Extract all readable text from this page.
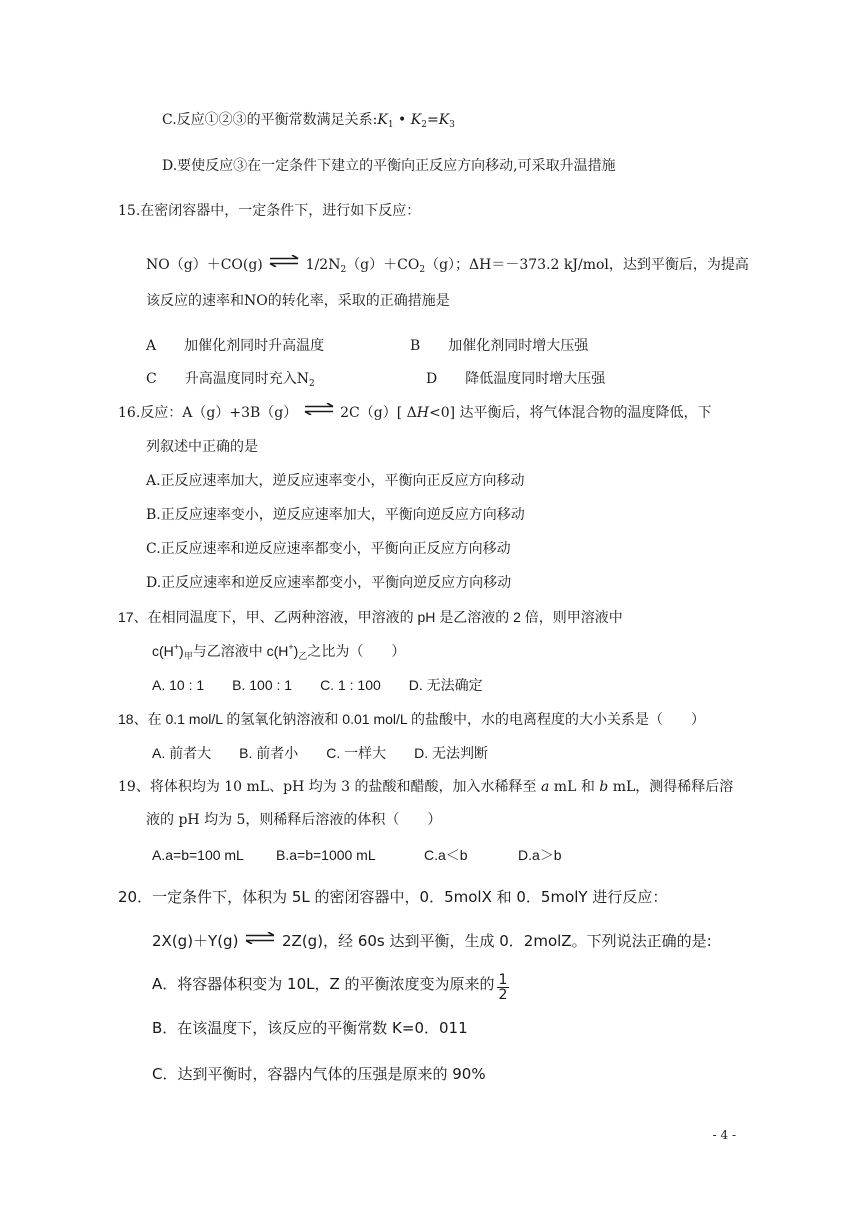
C.反应①②③的平衡常数满足关系$:K_1$ • $K_2=K_3$
D.要使反应③在一定条件下建立的平衡向正反应方向移动,可采取升温措施
15.在密闭容器中，一定条件下，进行如下反应：
NO（g）＋CO(g) ⇌ $1/2N_2(g)+CO_2(g)$；ΔH＝－373.2 kJ/mol，达到平衡后，为提高
该反应的速率和NO的转化率，采取的正确措施是
A　　加催化剂同时升高温度	B　　加催化剂同时增大压强
C　　升高温度同时充入$N_2$	D　　降低温度同时增大压强
16.反应：A（g）+3B（g） ⇌ 2C（g）[ ΔH<0] 达平衡后，将气体混合物的温度降低，下
列叙述中正确的是
A.正反应速率加大，逆反应速率变小，平衡向正反应方向移动
B.正反应速率变小，逆反应速率加大，平衡向逆反应方向移动
C.正反应速率和逆反应速率都变小，平衡向正反应方向移动
D.正反应速率和逆反应速率都变小，平衡向逆反应方向移动
17、在相同温度下，甲、乙两种溶液，甲溶液的 pH 是乙溶液的 2 倍，则甲溶液中
$c(H^+)_甲$与乙溶液中 $c(H^+)_乙$之比为（　　）
A. 10 : 1　　B. 100 : 1　　C. 1 : 100　　D. 无法确定
18、在 0.1 mol/L 的氢氧化钠溶液和 0.01 mol/L 的盐酸中，水的电离程度的大小关系是（　　）
A. 前者大　　B. 前者小　　C. 一样大　　D. 无法判断
19、将体积均为 10 mL、pH 均为 3 的盐酸和醋酸，加入水稀释至 a mL 和 b mL，测得稀释后溶
液的 pH 均为 5，则稀释后溶液的体积（　　）
A.a=b=100 mL B.a=b=1000 mL	C.a＜b	D.a＞b
20．一定条件下，体积为 5L 的密闭容器中，0．5molX 和 0．5molY 进行反应：
2X(g)＋Y(g) ⇌ 2Z(g)，经 60s 达到平衡，生成 0．2molZ。下列说法正确的是:
A．将容器体积变为 10L，Z 的平衡浓度变为原来的 $\frac{1}{2}$
B．在该温度下，该反应的平衡常数 K=0．011
C．达到平衡时，容器内气体的压强是原来的 90%
- 4 -
